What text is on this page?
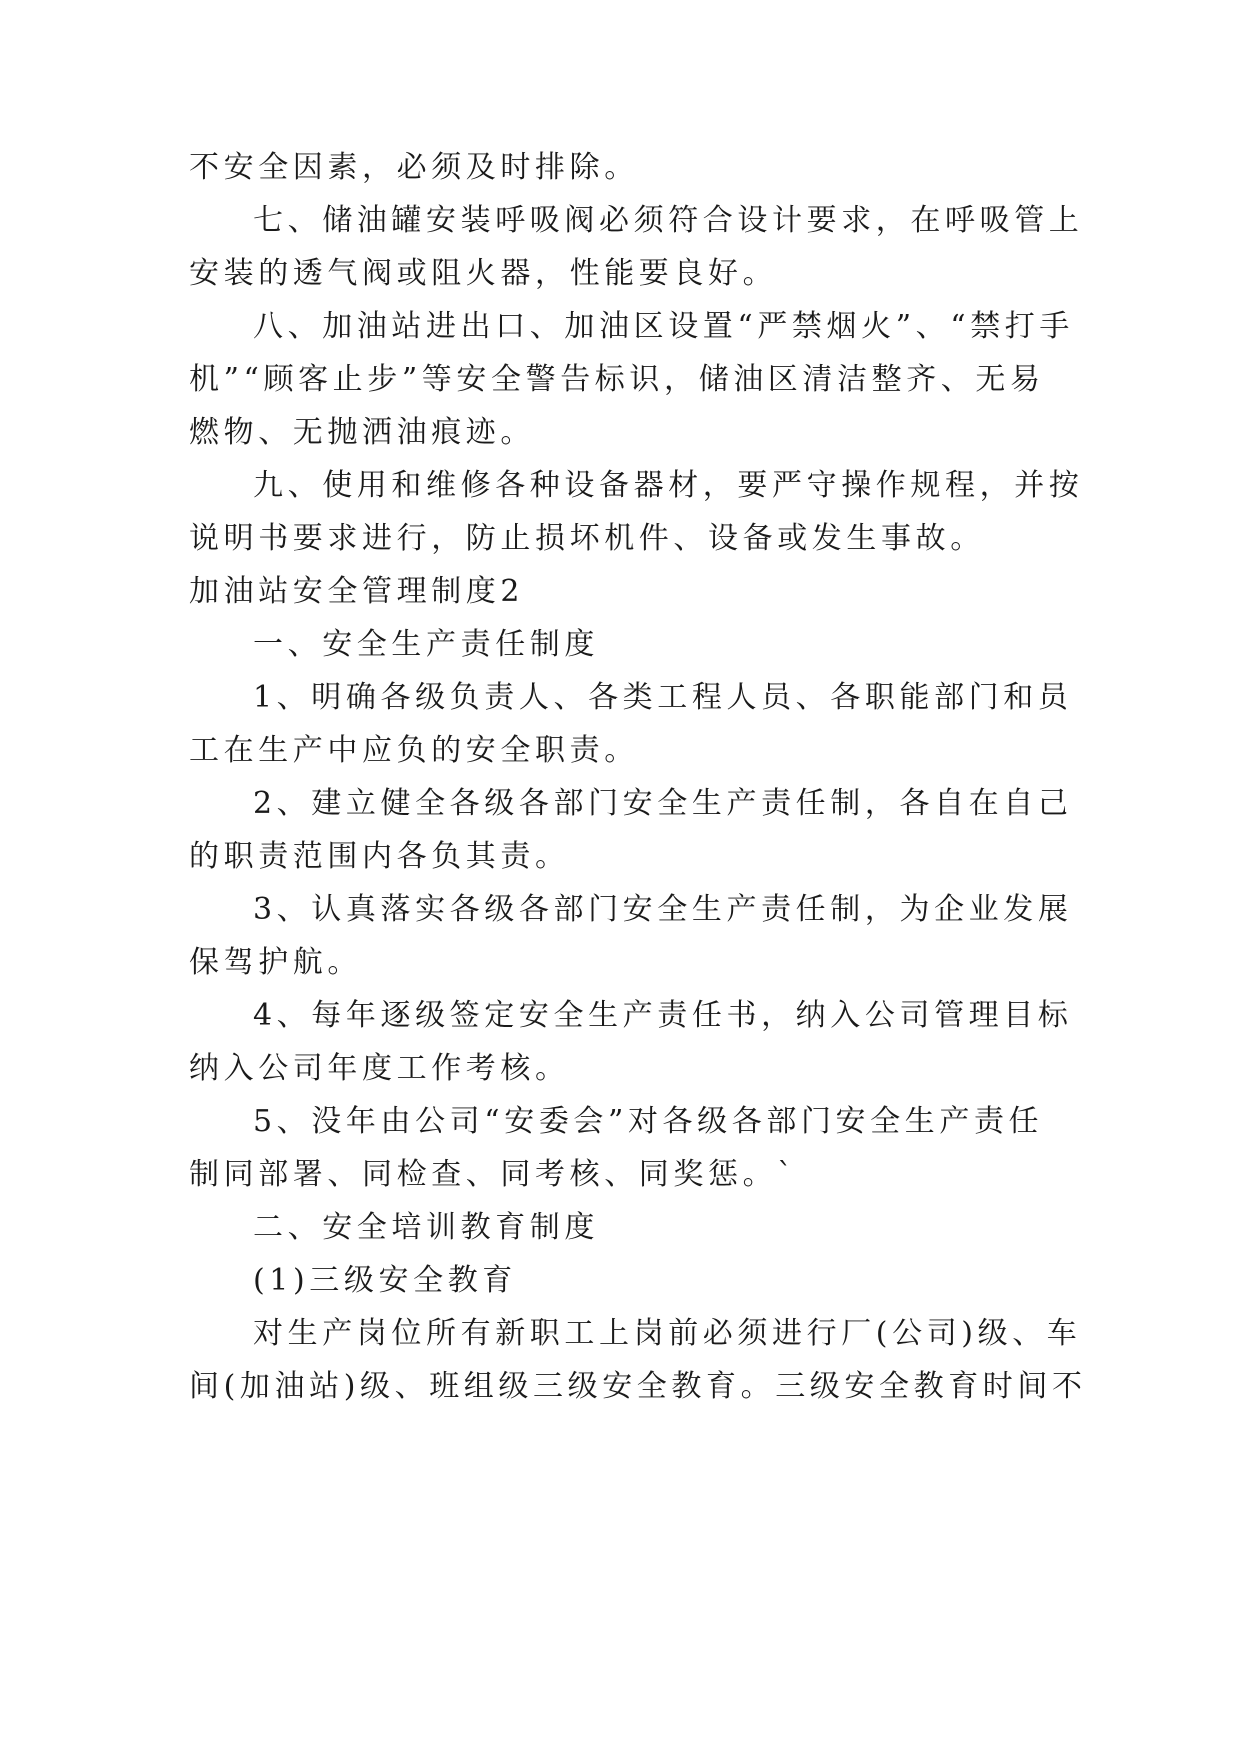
不安全因素，必须及时排除。
七、储油罐安装呼吸阀必须符合设计要求，在呼吸管上
安装的透气阀或阻火器，性能要良好。
八、加油站进出口、加油区设置“严禁烟火”、“禁打手
机”“顾客止步”等安全警告标识，储油区清洁整齐、无易
燃物、无抛洒油痕迹。
九、使用和维修各种设备器材，要严守操作规程，并按
说明书要求进行，防止损坏机件、设备或发生事故。
加油站安全管理制度2
一、安全生产责任制度
1、明确各级负责人、各类工程人员、各职能部门和员
工在生产中应负的安全职责。
2、建立健全各级各部门安全生产责任制，各自在自己
的职责范围内各负其责。
3、认真落实各级各部门安全生产责任制，为企业发展
保驾护航。
4、每年逐级签定安全生产责任书，纳入公司管理目标
纳入公司年度工作考核。
5、没年由公司“安委会”对各级各部门安全生产责任
制同部署、同检查、同考核、同奖惩。`
二、安全培训教育制度
(1)三级安全教育
对生产岗位所有新职工上岗前必须进行厂(公司)级、车
间(加油站)级、班组级三级安全教育。三级安全教育时间不
